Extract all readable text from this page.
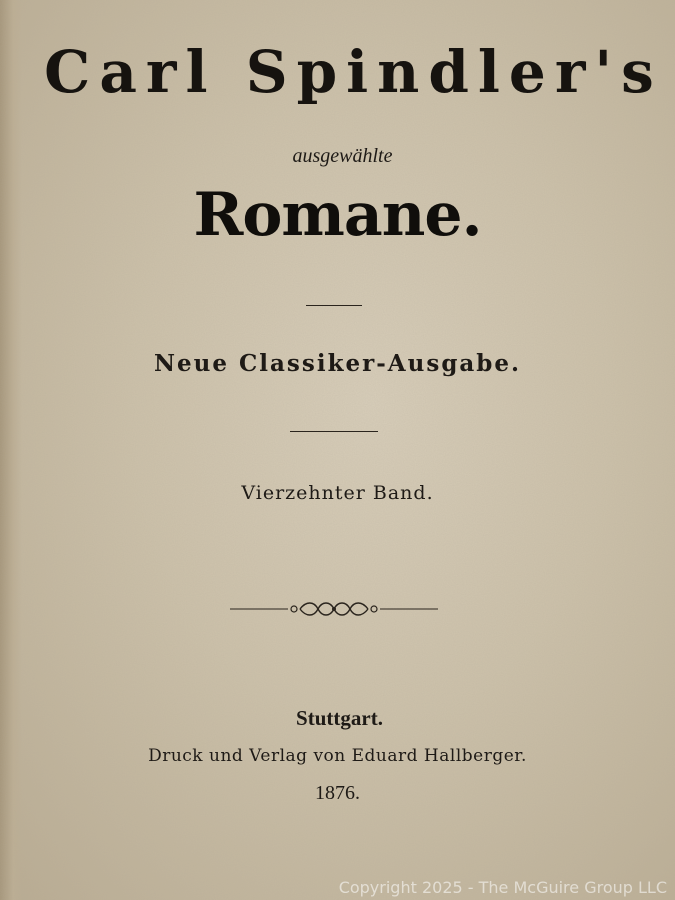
Carl Spindler's
ausgewählte
Romane.
Neue Classiker-Ausgabe.
Vierzehnter Band.
Stuttgart.
Druck und Verlag von Eduard Hallberger.
1876.
Copyright 2025 - The McGuire Group LLC
